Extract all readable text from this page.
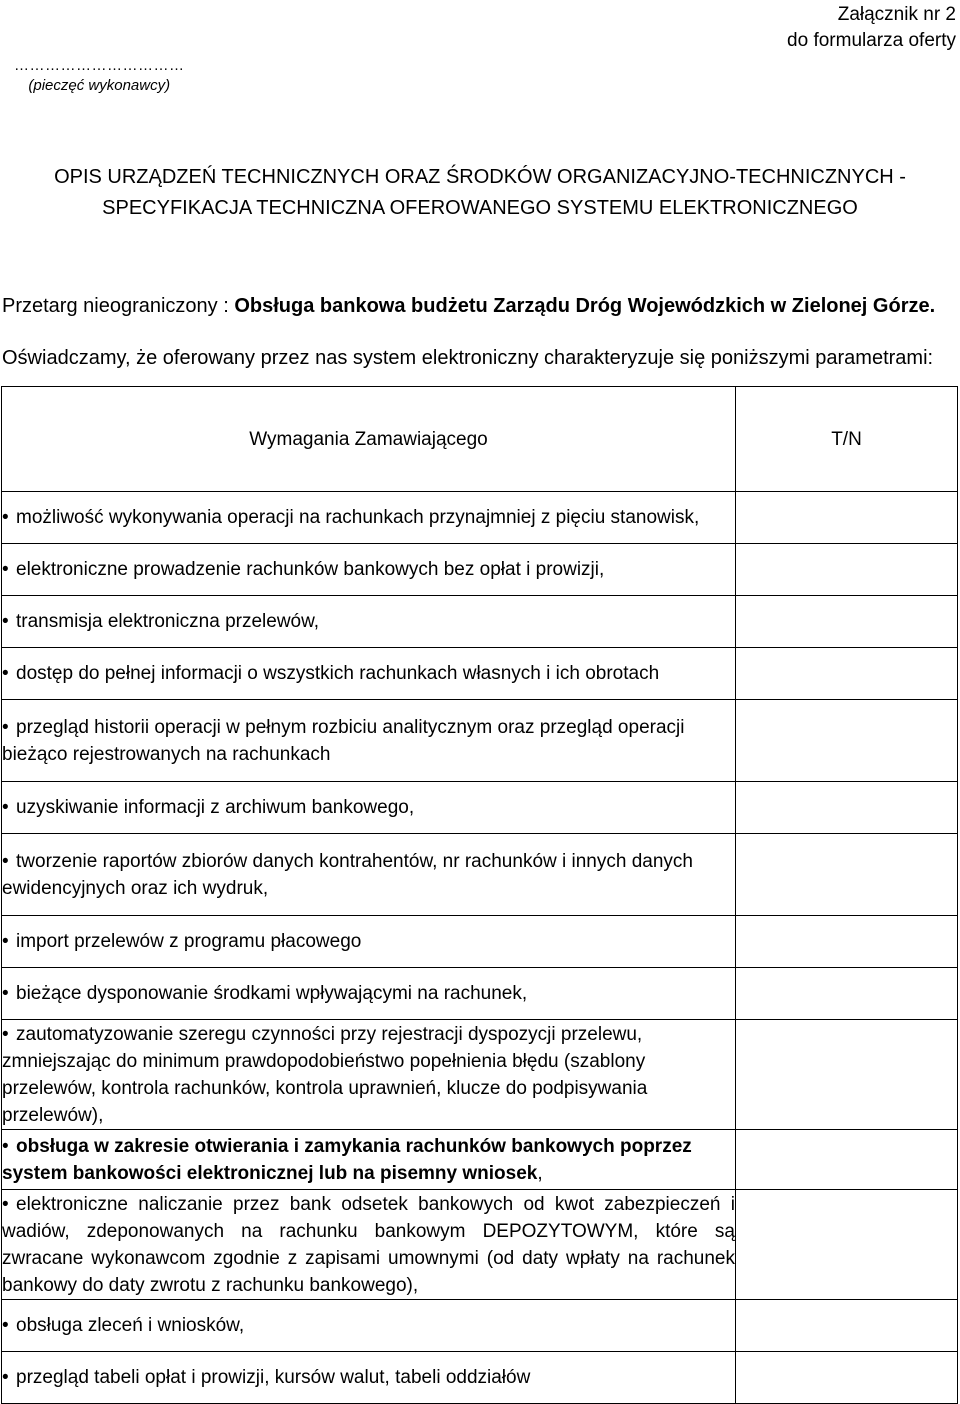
Załącznik nr 2
do formularza oferty
……………………………
(pieczęć wykonawcy)
OPIS URZĄDZEŃ TECHNICZNYCH ORAZ ŚRODKÓW ORGANIZACYJNO-TECHNICZNYCH -
SPECYFIKACJA TECHNICZNA OFEROWANEGO SYSTEMU ELEKTRONICZNEGO
Przetarg nieograniczony : Obsługa bankowa budżetu Zarządu Dróg Wojewódzkich w Zielonej Górze.
Oświadczamy, że oferowany przez nas system elektroniczny charakteryzuje się poniższymi parametrami:
Wymagania Zamawiającego	T/N
• możliwość wykonywania operacji na rachunkach przynajmniej z pięciu stanowisk,	
• elektroniczne prowadzenie rachunków bankowych bez opłat i prowizji,	
• transmisja elektroniczna przelewów,	
• dostęp do pełnej informacji o wszystkich rachunkach własnych i ich obrotach	
• przegląd historii operacji w pełnym rozbiciu analitycznym oraz przegląd operacji bieżąco rejestrowanych na rachunkach	
• uzyskiwanie informacji z archiwum bankowego,	
• tworzenie raportów zbiorów danych kontrahentów, nr rachunków i innych danych ewidencyjnych oraz ich wydruk,	
• import przelewów z programu płacowego	
• bieżące dysponowanie środkami wpływającymi na rachunek,	
• zautomatyzowanie szeregu czynności przy rejestracji dyspozycji przelewu, zmniejszając do minimum prawdopodobieństwo popełnienia błędu (szablony przelewów, kontrola rachunków, kontrola uprawnień, klucze do podpisywania przelewów),	
• obsługa w zakresie otwierania i zamykania rachunków bankowych poprzez system bankowości elektronicznej lub na pisemny wniosek,	
• elektroniczne naliczanie przez bank odsetek bankowych od kwot zabezpieczeń i wadiów, zdeponowanych na rachunku bankowym DEPOZYTOWYM, które są zwracane wykonawcom zgodnie z zapisami umownymi (od daty wpłaty na rachunek bankowy do daty zwrotu z rachunku bankowego),	
• obsługa zleceń i wniosków,	
• przegląd tabeli opłat i prowizji, kursów walut, tabeli oddziałów	
